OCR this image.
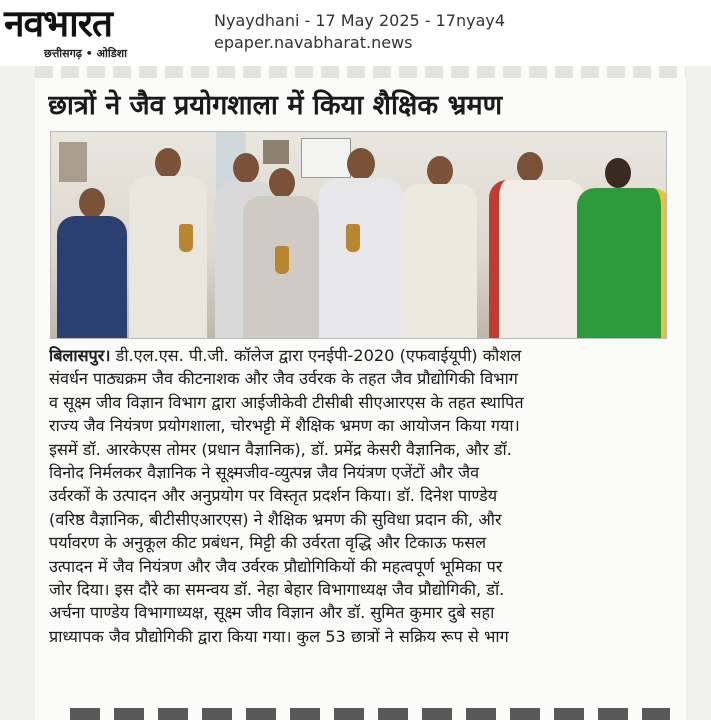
नवभारत
छत्तीसगढ़ • ओडिशा
Nyaydhani - 17 May 2025 - 17nyay4
epaper.navabharat.news
छात्रों ने जैव प्रयोगशाला में किया शैक्षिक भ्रमण
बिलासपुर। डी.एल.एस. पी.जी. कॉलेज द्वारा एनईपी-2020 (एफवाईयूपी) कौशल
संवर्धन पाठ्यक्रम जैव कीटनाशक और जैव उर्वरक के तहत जैव प्रौद्योगिकी विभाग
व सूक्ष्म जीव विज्ञान विभाग द्वारा आईजीकेवी टीसीबी सीएआरएस के तहत स्थापित
राज्य जैव नियंत्रण प्रयोगशाला, चोरभट्टी में शैक्षिक भ्रमण का आयोजन किया गया।
इसमें डॉ. आरकेएस तोमर (प्रधान वैज्ञानिक), डॉ. प्रमेंद्र केसरी वैज्ञानिक, और डॉ.
विनोद निर्मलकर वैज्ञानिक ने सूक्ष्मजीव-व्युत्पन्न जैव नियंत्रण एजेंटों और जैव
उर्वरकों के उत्पादन और अनुप्रयोग पर विस्तृत प्रदर्शन किया। डॉ. दिनेश पाण्डेय
(वरिष्ठ वैज्ञानिक, बीटीसीएआरएस) ने शैक्षिक भ्रमण की सुविधा प्रदान की, और
पर्यावरण के अनुकूल कीट प्रबंधन, मिट्टी की उर्वरता वृद्धि और टिकाऊ फसल
उत्पादन में जैव नियंत्रण और जैव उर्वरक प्रौद्योगिकियों की महत्वपूर्ण भूमिका पर
जोर दिया। इस दौरे का समन्वय डॉ. नेहा बेहार विभागाध्यक्ष जैव प्रौद्योगिकी, डॉ.
अर्चना पाण्डेय विभागाध्यक्ष, सूक्ष्म जीव विज्ञान और डॉ. सुमित कुमार दुबे सहा
प्राध्यापक जैव प्रौद्योगिकी द्वारा किया गया। कुल 53 छात्रों ने सक्रिय रूप से भाग
